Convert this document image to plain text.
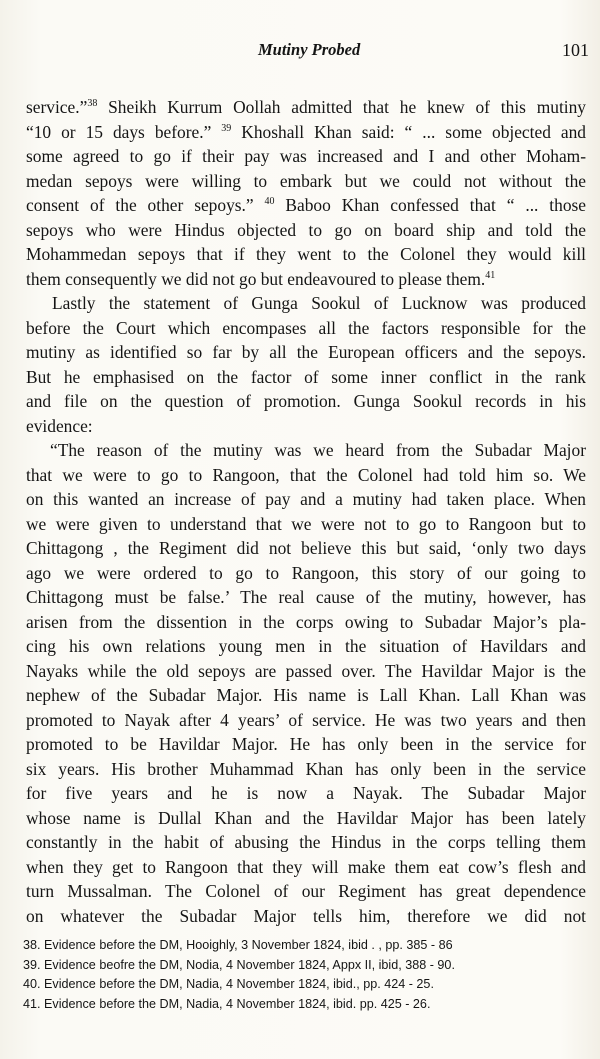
Mutiny Probed	101
service.”$^{38}$ Sheikh Kurrum Oollah admitted that he knew of this mutiny
“10 or 15 days before.” $^{39}$ Khoshall Khan said: “ ... some objected and
some agreed to go if their pay was increased and I and other Moham-
medan sepoys were willing to embark but we could not without the
consent of the other sepoys.” $^{40}$ Baboo Khan confessed that “ ... those
sepoys who were Hindus objected to go on board ship and told the
Mohammedan sepoys that if they went to the Colonel they would kill
them consequently we did not go but endeavoured to please them.$^{41}$
Lastly the statement of Gunga Sookul of Lucknow was produced
before the Court which encompases all the factors responsible for the
mutiny as identified so far by all the European officers and the sepoys.
But he emphasised on the factor of some inner conflict in the rank
and file on the question of promotion. Gunga Sookul records in his
evidence:
“The reason of the mutiny was we heard from the Subadar Major
that we were to go to Rangoon, that the Colonel had told him so. We
on this wanted an increase of pay and a mutiny had taken place. When
we were given to understand that we were not to go to Rangoon but to
Chittagong , the Regiment did not believe this but said, ‘only two days
ago we were ordered to go to Rangoon, this story of our going to
Chittagong must be false.’ The real cause of the mutiny, however, has
arisen from the dissention in the corps owing to Subadar Major’s pla-
cing his own relations young men in the situation of Havildars and
Nayaks while the old sepoys are passed over. The Havildar Major is the
nephew of the Subadar Major. His name is Lall Khan. Lall Khan was
promoted to Nayak after 4 years’ of service. He was two years and then
promoted to be Havildar Major. He has only been in the service for
six years. His brother Muhammad Khan has only been in the service
for five years and he is now a Nayak. The Subadar Major
whose name is Dullal Khan and the Havildar Major has been lately
constantly in the habit of abusing the Hindus in the corps telling them
when they get to Rangoon that they will make them eat cow’s flesh and
turn Mussalman. The Colonel of our Regiment has great dependence
on whatever the Subadar Major tells him, therefore we did not
38. Evidence before the DM, Hooighly, 3 November 1824, ibid . , pp. 385 - 86
39. Evidence beofre the DM, Nodia, 4 November 1824, Appx II, ibid, 388 - 90.
40. Evidence before the DM, Nadia, 4 November 1824, ibid., pp. 424 - 25.
41. Evidence before the DM, Nadia, 4 November 1824, ibid. pp. 425 - 26.
